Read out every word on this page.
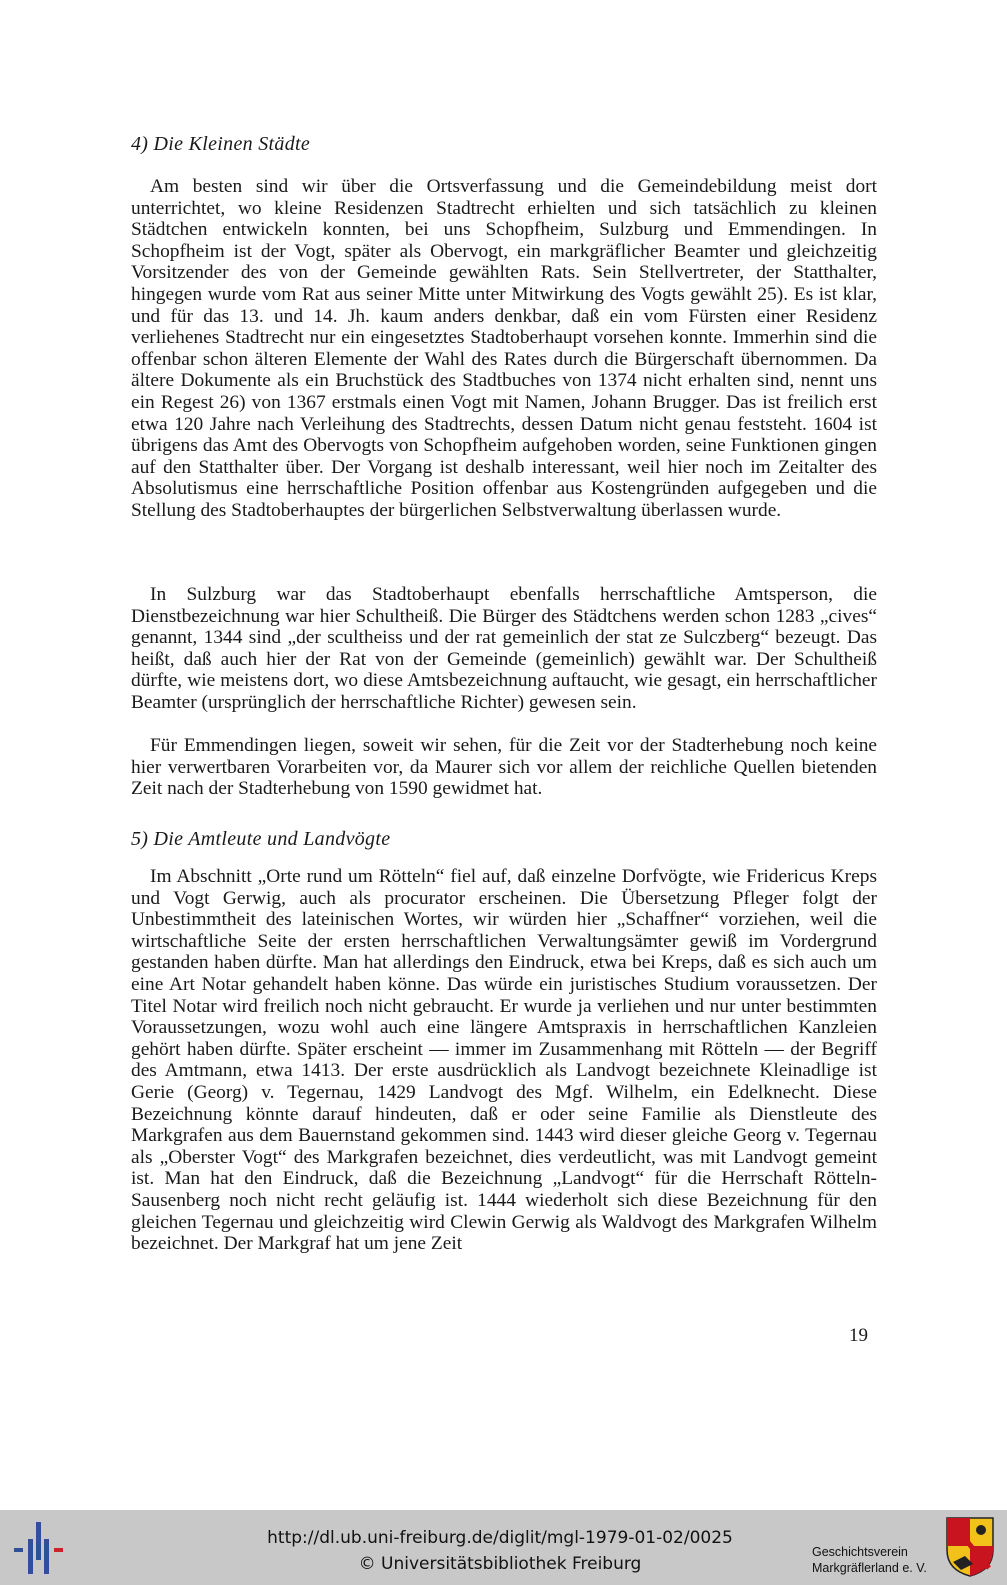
4) Die Kleinen Städte

Am besten sind wir über die Ortsverfassung und die Gemeindebildung meist dort unterrichtet, wo kleine Residenzen Stadtrecht erhielten und sich tatsächlich zu kleinen Städtchen entwickeln konnten, bei uns Schopfheim, Sulzburg und Emmendingen. In Schopfheim ist der Vogt, später als Obervogt, ein markgräflicher Beamter und gleichzeitig Vorsitzender des von der Gemeinde gewählten Rats. Sein Stellvertreter, der Statthalter, hingegen wurde vom Rat aus seiner Mitte unter Mitwirkung des Vogts gewählt 25). Es ist klar, und für das 13. und 14. Jh. kaum anders denkbar, daß ein vom Fürsten einer Residenz verliehenes Stadtrecht nur ein eingesetztes Stadtoberhaupt vorsehen konnte. Immerhin sind die offenbar schon älteren Elemente der Wahl des Rates durch die Bürgerschaft übernommen. Da ältere Dokumente als ein Bruchstück des Stadtbuches von 1374 nicht erhalten sind, nennt uns ein Regest 26) von 1367 erstmals einen Vogt mit Namen, Johann Brugger. Das ist freilich erst etwa 120 Jahre nach Verleihung des Stadtrechts, dessen Datum nicht genau feststeht. 1604 ist übrigens das Amt des Obervogts von Schopfheim aufgehoben worden, seine Funktionen gingen auf den Statthalter über. Der Vorgang ist deshalb interessant, weil hier noch im Zeitalter des Absolutismus eine herrschaftliche Position offenbar aus Kostengründen aufgegeben und die Stellung des Stadtoberhauptes der bürgerlichen Selbstverwaltung überlassen wurde.

In Sulzburg war das Stadtoberhaupt ebenfalls herrschaftliche Amtsperson, die Dienstbezeichnung war hier Schultheiß. Die Bürger des Städtchens werden schon 1283 „cives“ genannt, 1344 sind „der scultheiss und der rat gemeinlich der stat ze Sulczberg“ bezeugt. Das heißt, daß auch hier der Rat von der Gemeinde (gemeinlich) gewählt war. Der Schultheiß dürfte, wie meistens dort, wo diese Amtsbezeichnung auftaucht, wie gesagt, ein herrschaftlicher Beamter (ursprünglich der herrschaftliche Richter) gewesen sein.

Für Emmendingen liegen, soweit wir sehen, für die Zeit vor der Stadterhebung noch keine hier verwertbaren Vorarbeiten vor, da Maurer sich vor allem der reichliche Quellen bietenden Zeit nach der Stadterhebung von 1590 gewidmet hat.

5) Die Amtleute und Landvögte

Im Abschnitt „Orte rund um Rötteln“ fiel auf, daß einzelne Dorfvögte, wie Fridericus Kreps und Vogt Gerwig, auch als procurator erscheinen. Die Übersetzung Pfleger folgt der Unbestimmtheit des lateinischen Wortes, wir würden hier „Schaffner“ vorziehen, weil die wirtschaftliche Seite der ersten herrschaftlichen Verwaltungsämter gewiß im Vordergrund gestanden haben dürfte. Man hat allerdings den Eindruck, etwa bei Kreps, daß es sich auch um eine Art Notar gehandelt haben könne. Das würde ein juristisches Studium voraussetzen. Der Titel Notar wird freilich noch nicht gebraucht. Er wurde ja verliehen und nur unter bestimmten Voraussetzungen, wozu wohl auch eine längere Amtspraxis in herrschaftlichen Kanzleien gehört haben dürfte. Später erscheint — immer im Zusammenhang mit Rötteln — der Begriff des Amtmann, etwa 1413. Der erste ausdrücklich als Landvogt bezeichnete Kleinadlige ist Gerie (Georg) v. Tegernau, 1429 Landvogt des Mgf. Wilhelm, ein Edelknecht. Diese Bezeichnung könnte darauf hindeuten, daß er oder seine Familie als Dienstleute des Markgrafen aus dem Bauernstand gekommen sind. 1443 wird dieser gleiche Georg v. Tegernau als „Oberster Vogt“ des Markgrafen bezeichnet, dies verdeutlicht, was mit Landvogt gemeint ist. Man hat den Eindruck, daß die Bezeichnung „Landvogt“ für die Herrschaft Rötteln-Sausenberg noch nicht recht geläufig ist. 1444 wiederholt sich diese Bezeichnung für den gleichen Tegernau und gleichzeitig wird Clewin Gerwig als Waldvogt des Markgrafen Wilhelm bezeichnet. Der Markgraf hat um jene Zeit

19
http://dl.ub.uni-freiburg.de/diglit/mgl-1979-01-02/0025
© Universitätsbibliothek Freiburg
Geschichtsverein
Markgräflerland e. V.
